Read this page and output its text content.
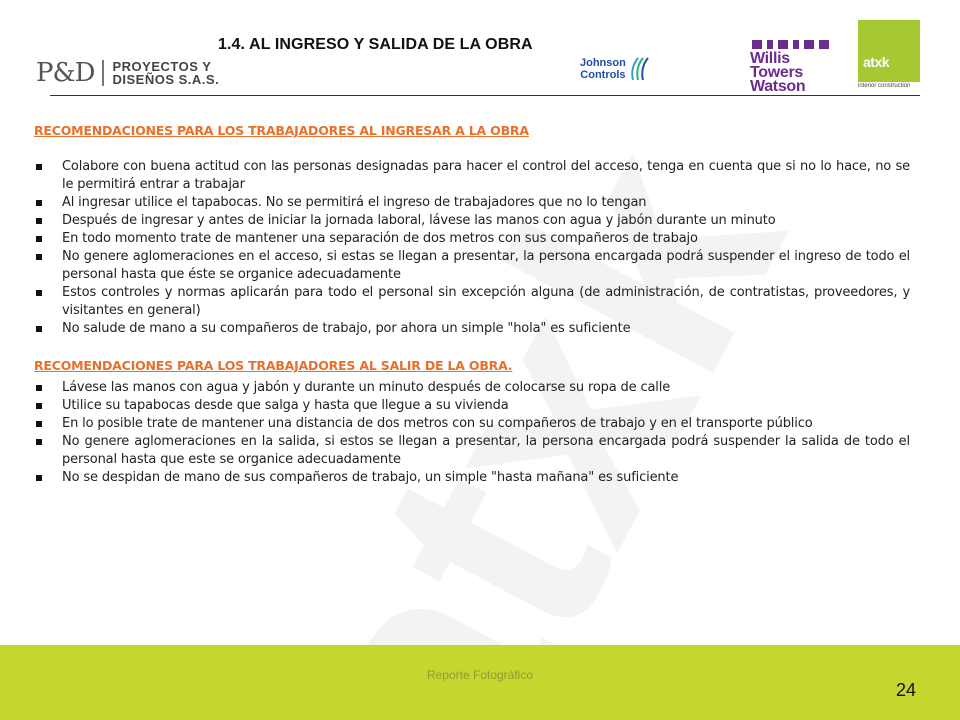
1.4. AL INGRESO Y SALIDA DE LA OBRA
P&D	PROYECTOS Y
DISEÑOS S.A.S.
Johnson
Controls
Willis
Towers
Watson
atxk
interior construction
RECOMENDACIONES PARA LOS TRABAJADORES AL INGRESAR A LA OBRA
Colabore con buena actitud con las personas designadas para hacer el control del acceso, tenga en cuenta que si no lo hace, no se le permitirá entrar a trabajar
Al ingresar utilice el tapabocas. No se permitirá el ingreso de trabajadores que no lo tengan
Después de ingresar y antes de iniciar la jornada laboral, lávese las manos con agua y jabón durante un minuto
En todo momento trate de mantener una separación de dos metros con sus compañeros de trabajo
No genere aglomeraciones en el acceso, si estas se llegan a presentar, la persona encargada podrá suspender el ingreso de todo el personal hasta que éste se organice adecuadamente
Estos controles y normas aplicarán para todo el personal sin excepción alguna (de administración, de contratistas, proveedores, y visitantes en general)
No salude de mano a su compañeros de trabajo, por ahora un simple "hola" es suficiente
RECOMENDACIONES PARA LOS TRABAJADORES AL SALIR DE LA OBRA.
Lávese las manos con agua y jabón y durante un minuto después de colocarse su ropa de calle
Utilice su tapabocas desde que salga y hasta que llegue a su vivienda
En lo posible trate de mantener una distancia de dos metros con su compañeros de trabajo y en el transporte público
No genere aglomeraciones en la salida, si estos se llegan a presentar, la persona encargada podrá suspender la salida de todo el personal hasta que este se organice adecuadamente
No se despidan de mano de sus compañeros de trabajo, un simple "hasta mañana" es suficiente
Reporte Fotográfico
24
